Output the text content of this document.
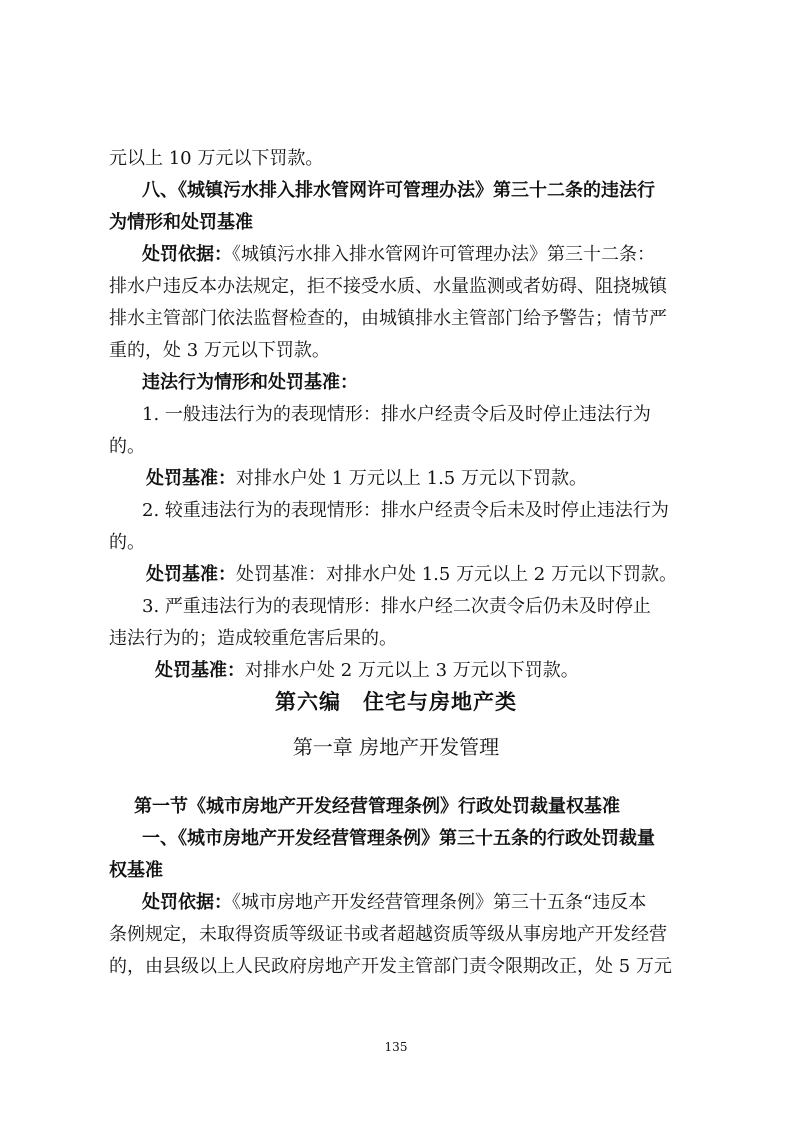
元以上 10 万元以下罚款。
八、《城镇污水排入排水管网许可管理办法》第三十二条的违法行
为情形和处罚基准
处罚依据：《城镇污水排入排水管网许可管理办法》第三十二条：
排水户违反本办法规定，拒不接受水质、水量监测或者妨碍、阻挠城镇
排水主管部门依法监督检查的，由城镇排水主管部门给予警告；情节严
重的，处 3 万元以下罚款。
违法行为情形和处罚基准：
1. 一般违法行为的表现情形：排水户经责令后及时停止违法行为
的。
处罚基准：对排水户处 1 万元以上 1.5 万元以下罚款。
2. 较重违法行为的表现情形：排水户经责令后未及时停止违法行为
的。
处罚基准：处罚基准：对排水户处 1.5 万元以上 2 万元以下罚款。
3. 严重违法行为的表现情形：排水户经二次责令后仍未及时停止
违法行为的；造成较重危害后果的。
处罚基准：对排水户处 2 万元以上 3 万元以下罚款。
第六编　住宅与房地产类
第一章 房地产开发管理
第一节《城市房地产开发经营管理条例》行政处罚裁量权基准
一、《城市房地产开发经营管理条例》第三十五条的行政处罚裁量
权基准
处罚依据：《城市房地产开发经营管理条例》第三十五条“违反本
条例规定，未取得资质等级证书或者超越资质等级从事房地产开发经营
的，由县级以上人民政府房地产开发主管部门责令限期改正，处 5 万元
135
